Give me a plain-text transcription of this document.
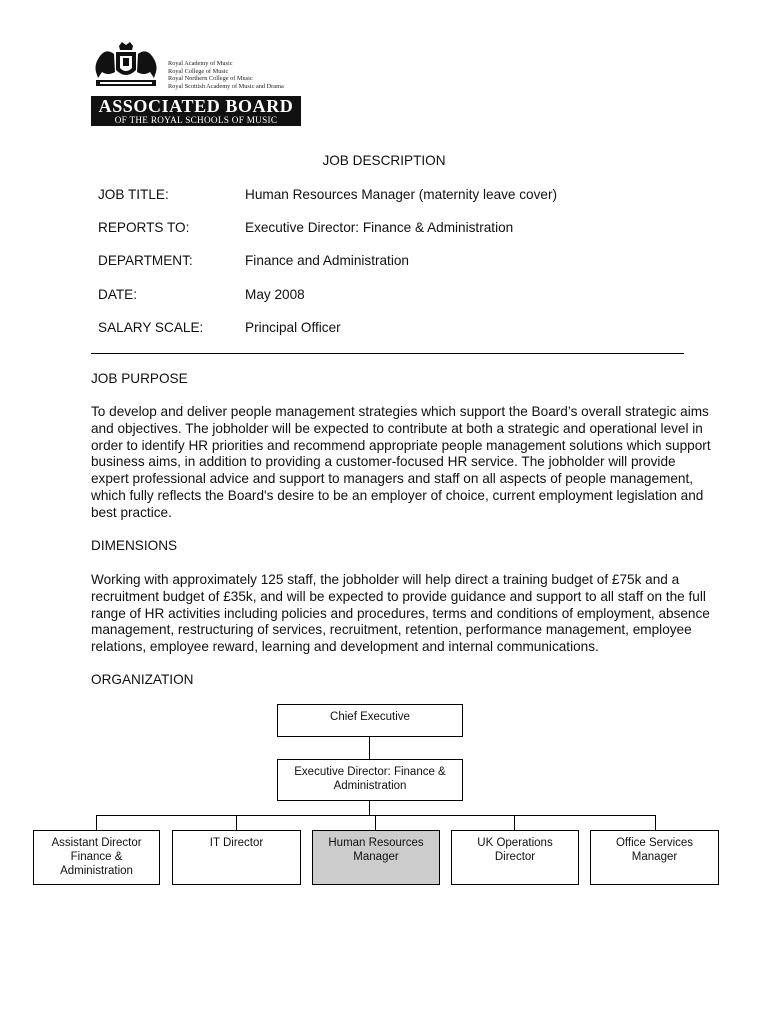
Royal Academy of Music
Royal College of Music
Royal Northern College of Music
Royal Scottish Academy of Music and Drama
ASSOCIATED BOARD
OF THE ROYAL SCHOOLS OF MUSIC
JOB DESCRIPTION
JOB TITLE:	Human Resources Manager (maternity leave cover)
REPORTS TO:	Executive Director: Finance & Administration
DEPARTMENT:	Finance and Administration
DATE:	May 2008
SALARY SCALE:	Principal Officer
JOB PURPOSE
To develop and deliver people management strategies which support the Board’s overall strategic aims
and objectives. The jobholder will be expected to contribute at both a strategic and operational level in
order to identify HR priorities and recommend appropriate people management solutions which support
business aims, in addition to providing a customer-focused HR service. The jobholder will provide
expert professional advice and support to managers and staff on all aspects of people management,
which fully reflects the Board's desire to be an employer of choice, current employment legislation and
best practice.
DIMENSIONS
Working with approximately 125 staff, the jobholder will help direct a training budget of £75k and a
recruitment budget of £35k, and will be expected to provide guidance and support to all staff on the full
range of HR activities including policies and procedures, terms and conditions of employment, absence
management, restructuring of services, recruitment, retention, performance management, employee
relations, employee reward, learning and development and internal communications.
ORGANIZATION
Chief Executive
Executive Director: Finance &
Administration
Assistant Director
Finance &
Administration
IT Director	Human Resources
Manager
UK Operations
Director
Office Services
Manager
